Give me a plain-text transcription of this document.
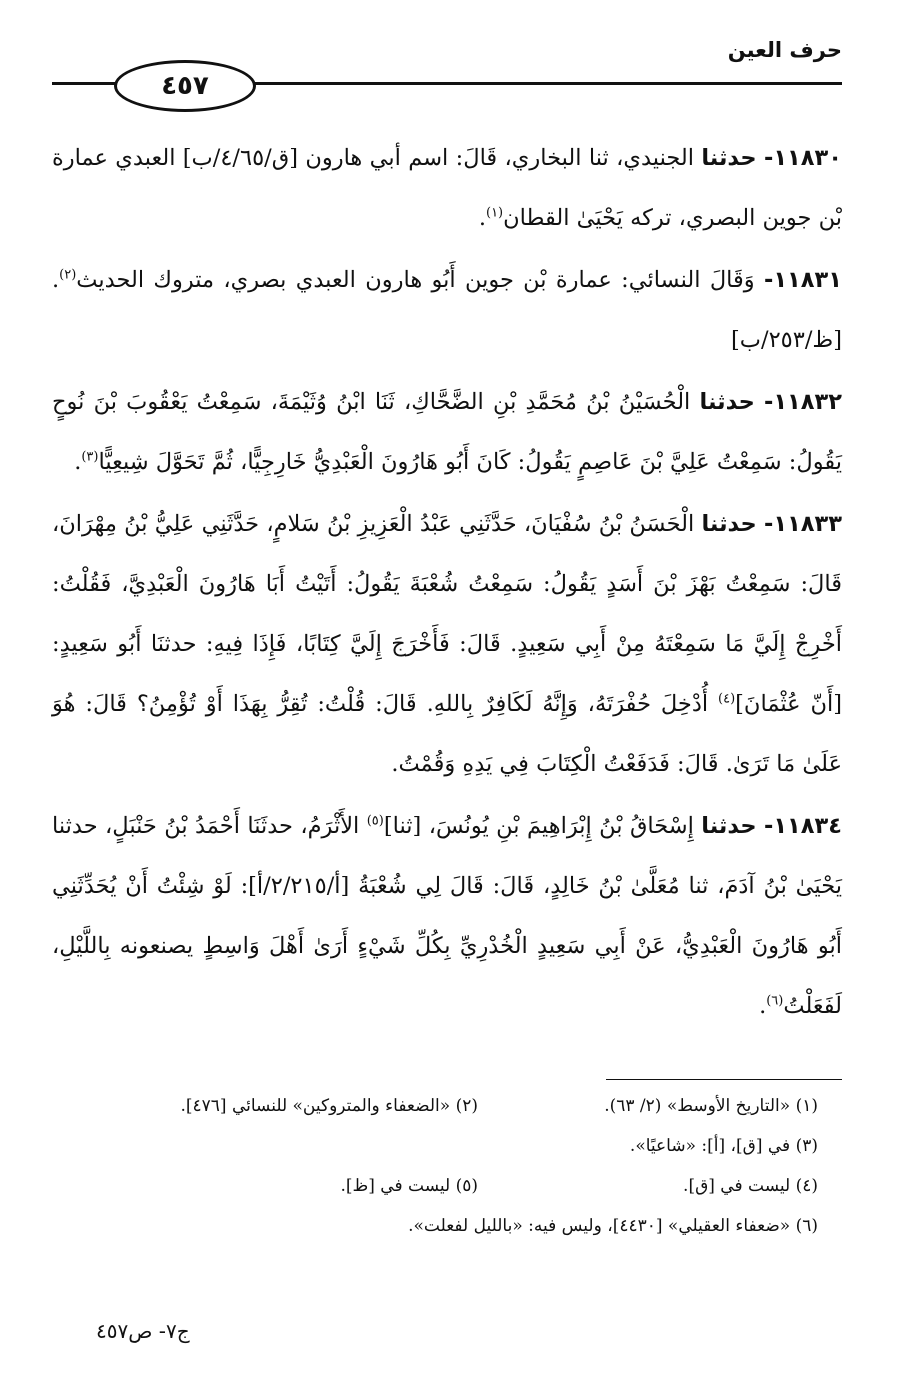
حرف العين
٤٥٧

١١٨٣٠- حدثنا الجنيدي، ثنا البخاري، قَالَ: اسم أبي هارون [ق/٤/٦٥/ب] العبدي عمارة بْن جوين البصري، تركه يَحْيَىٰ القطان$^{(١)}$.

١١٨٣١- وَقَالَ النسائي: عمارة بْن جوين أَبُو هارون العبدي بصري، متروك الحديث$^{(٢)}$. [ظ/٢٥٣/ب]

١١٨٣٢- حدثنا الْحُسَيْنُ بْنُ مُحَمَّدِ بْنِ الضَّحَّاكِ، ثَنَا ابْنُ وُثَيْمَةَ، سَمِعْتُ يَعْقُوبَ بْنَ نُوحٍ يَقُولُ: سَمِعْتُ عَلِيَّ بْنَ عَاصِمٍ يَقُولُ: كَانَ أَبُو هَارُونَ الْعَبْدِيُّ خَارِجِيًّا، ثُمَّ تَحَوَّلَ شِيعِيًّا$^{(٣)}$.

١١٨٣٣- حدثنا الْحَسَنُ بْنُ سُفْيَانَ، حَدَّثَنِي عَبْدُ الْعَزِيزِ بْنُ سَلامٍ، حَدَّثَنِي عَلِيُّ بْنُ مِهْرَانَ، قَالَ: سَمِعْتُ بَهْزَ بْنَ أَسَدٍ يَقُولُ: سَمِعْتُ شُعْبَةَ يَقُولُ: أَتَيْتُ أَبَا هَارُونَ الْعَبْدِيَّ، فَقُلْتُ: أَخْرِجْ إِلَيَّ مَا سَمِعْتَهُ مِنْ أَبِي سَعِيدٍ. قَالَ: فَأَخْرَجَ إِلَيَّ كِتَابًا، فَإِذَا فِيهِ: حدثنَا أَبُو سَعِيدٍ: [أَنّ عُثْمَانَ]$^{(٤)}$ أُدْخِلَ حُفْرَتَهُ، وَإِنَّهُ لَكَافِرٌ بِاللهِ. قَالَ: قُلْتُ: تُقِرُّ بِهَذَا أَوْ تُؤْمِنُ؟ قَالَ: هُوَ عَلَىٰ مَا تَرَىٰ. قَالَ: فَدَفَعْتُ الْكِتَابَ فِي يَدِهِ وَقُمْتُ.

١١٨٣٤- حدثنا إِسْحَاقُ بْنُ إِبْرَاهِيمَ بْنِ يُونُسَ، [ثنا]$^{(٥)}$ الأَثْرَمُ، حدثَنَا أَحْمَدُ بْنُ حَنْبَلٍ، حدثنا يَحْيَىٰ بْنُ آدَمَ، ثنا مُعَلَّىٰ بْنُ خَالِدٍ، قَالَ: قَالَ لِي شُعْبَةُ [أ/٢/٢١٥/أ]: لَوْ شِئْتُ أَنْ يُحَدِّثَنِي أَبُو هَارُونَ الْعَبْدِيُّ، عَنْ أَبِي سَعِيدٍ الْخُدْرِيِّ بِكُلِّ شَيْءٍ أَرَىٰ أَهْلَ وَاسِطٍ يصنعونه بِاللَّيْلِ، لَفَعَلْتُ$^{(٦)}$.

(١) «التاريخ الأوسط» (٢/ ٦٣).
(٢) «الضعفاء والمتروكين» للنسائي [٤٧٦].
(٣) في [ق]، [أ]: «شاعيًا».
(٤) ليست في [ق].
(٥) ليست في [ظ].
(٦) «ضعفاء العقيلي» [٤٤٣٠]، وليس فيه: «بالليل لفعلت».
ج٧- ص٤٥٧
